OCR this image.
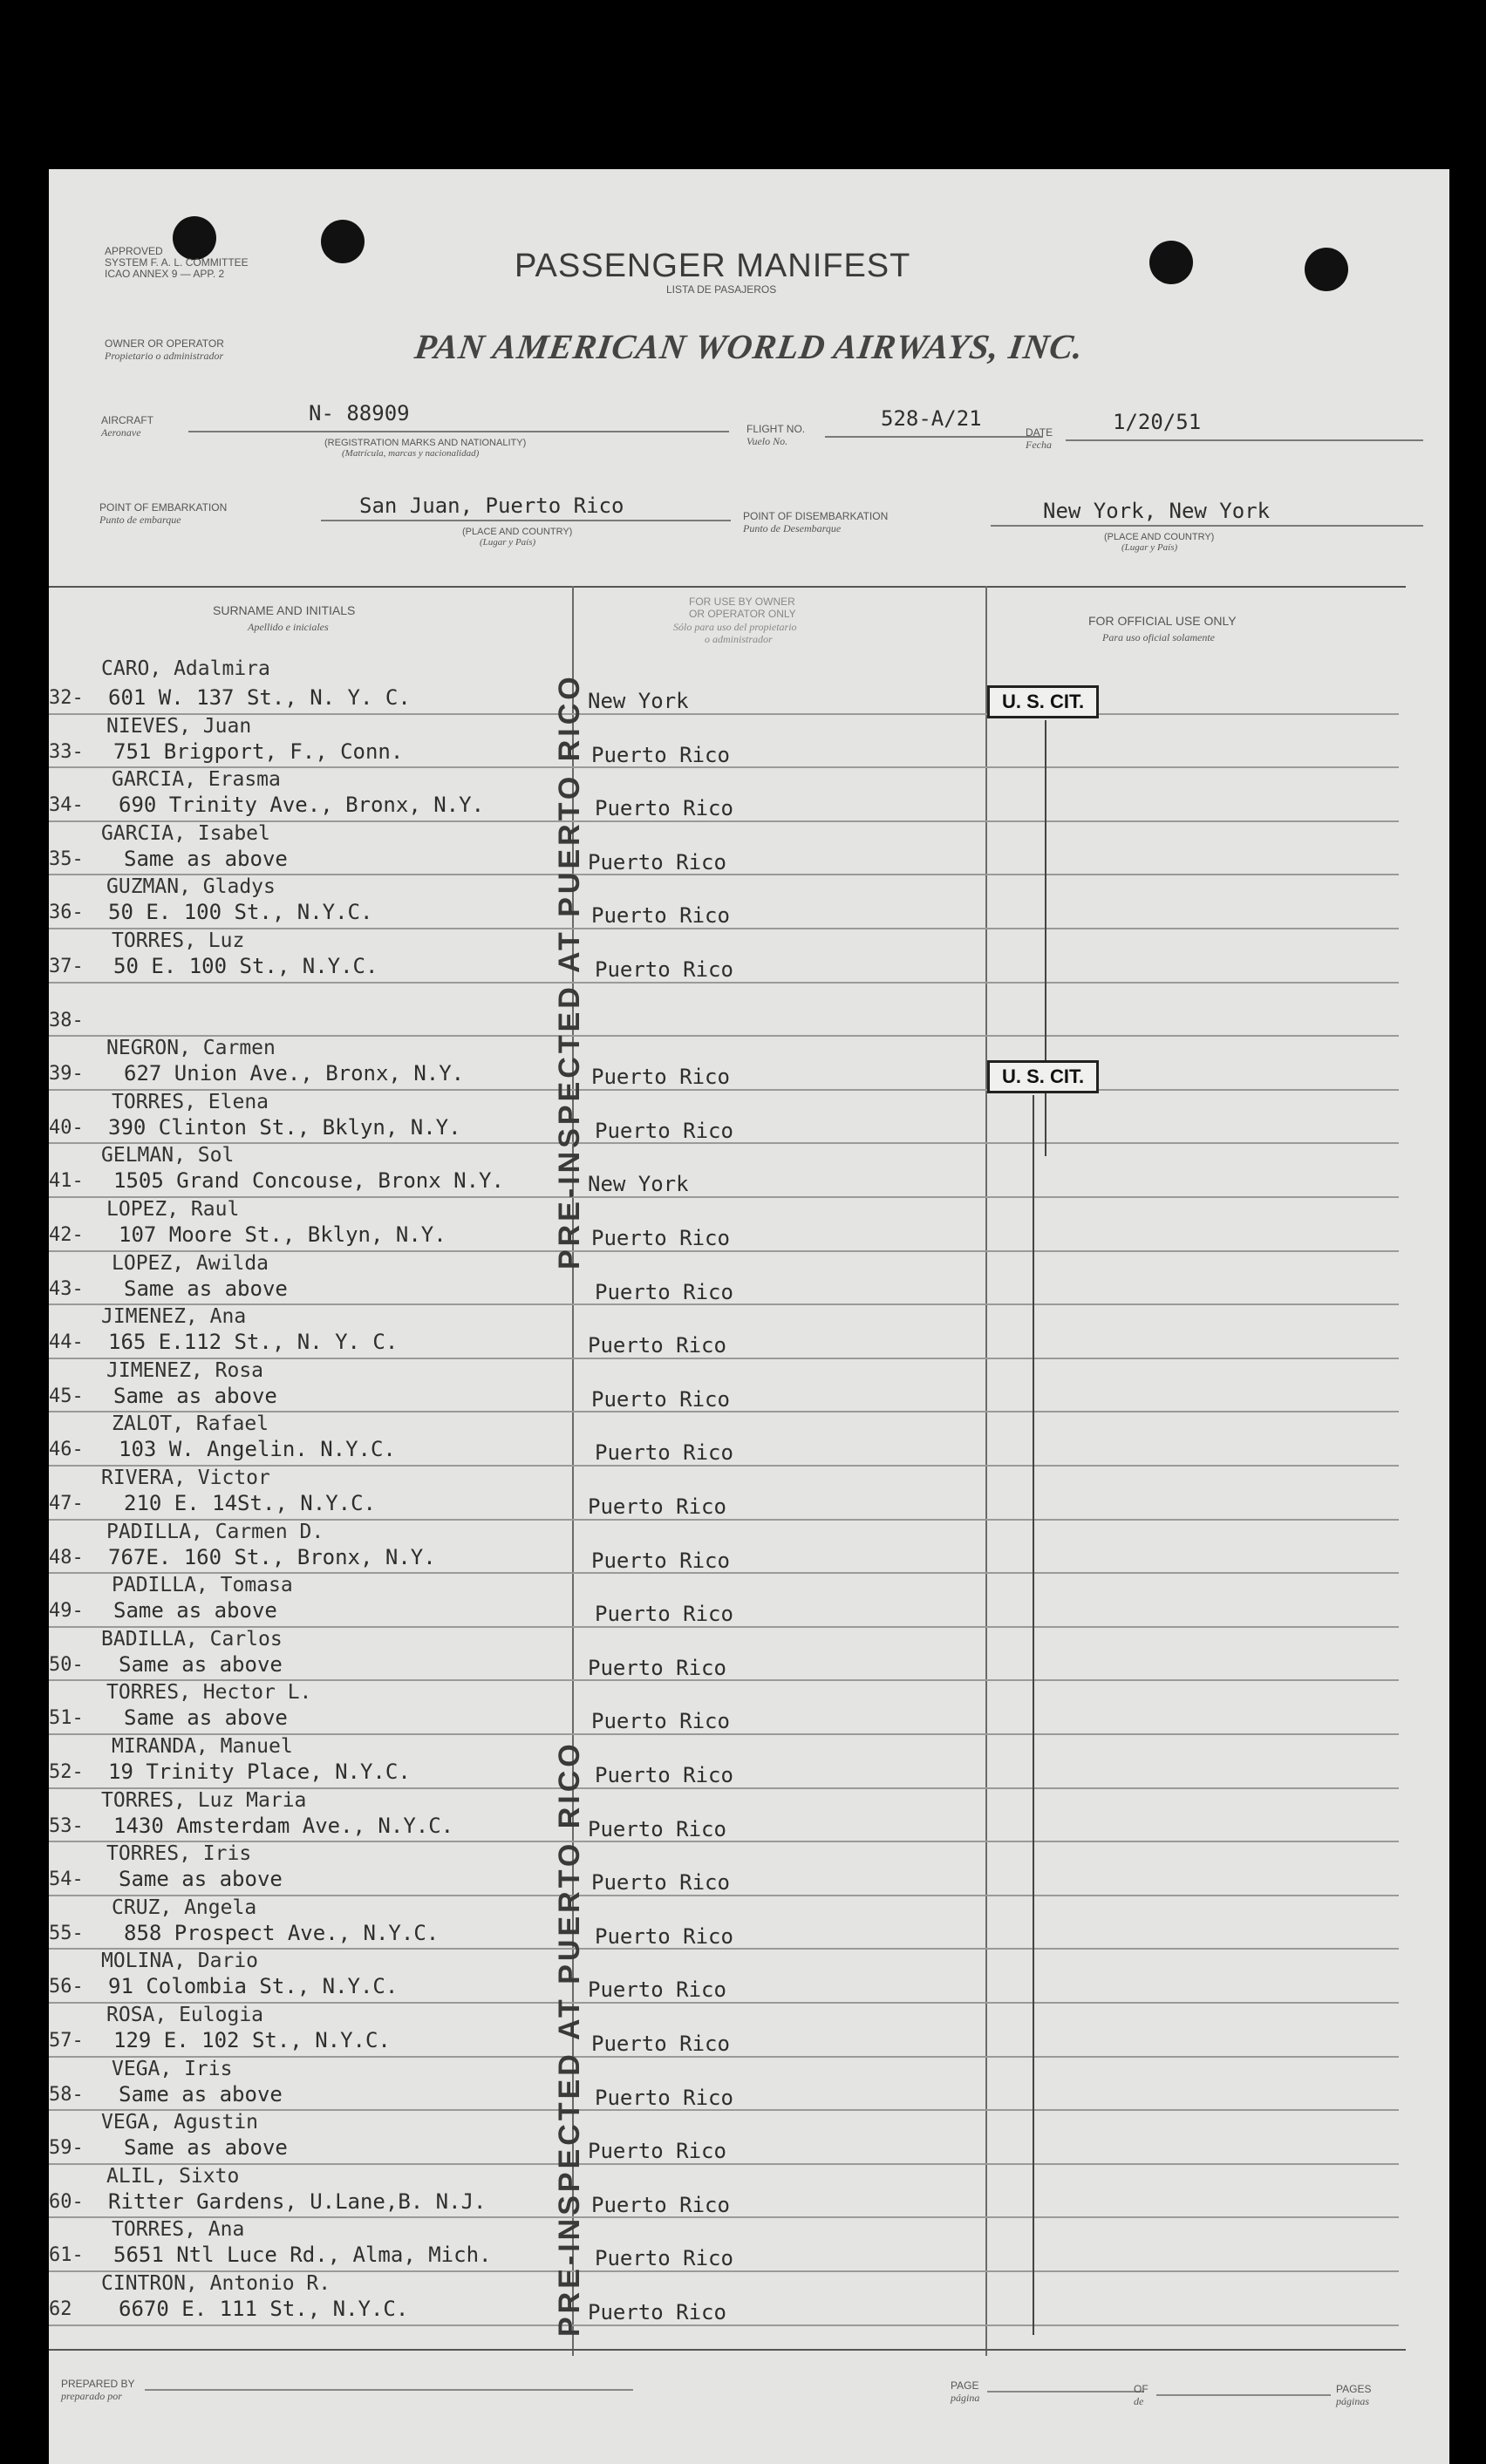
APPROVED
SYSTEM F. A. L. COMMITTEE
ICAO ANNEX 9 — APP. 2	PASSENGER MANIFEST
LISTA DE PASAJEROS
OWNER OR OPERATOR
Propietario o administrador	PAN AMERICAN WORLD AIRWAYS, INC.
AIRCRAFT
Aeronave
N- 88909
(REGISTRATION MARKS AND NATIONALITY)
(Matrícula, marcas y nacionalidad)
FLIGHT NO.
Vuelo No.
528-A/21
DATE
Fecha
1/20/51
POINT OF EMBARKATION
Punto de embarque
San Juan, Puerto Rico
(PLACE AND COUNTRY)
(Lugar y País)
POINT OF DISEMBARKATION
Punto de Desembarque
New York, New York
(PLACE AND COUNTRY)
(Lugar y País)
SURNAME AND INITIALS
Apellido e iniciales
FOR USE BY OWNER
OR OPERATOR ONLY
Sólo para uso del propietario
o administrador
FOR OFFICIAL USE ONLY
Para uso oficial solamente
CARO, Adalmira
32- 601 W. 137 St., N. Y. C.	New York
NIEVES, Juan
33- 751 Brigport, F., Conn.	Puerto Rico
GARCIA, Erasma
34- 690 Trinity Ave., Bronx, N.Y.	Puerto Rico
GARCIA, Isabel
35- Same as above	Puerto Rico
GUZMAN, Gladys
36- 50 E. 100 St., N.Y.C.	Puerto Rico
TORRES, Luz
37- 50 E. 100 St., N.Y.C.	Puerto Rico
38-
NEGRON, Carmen
39- 627 Union Ave., Bronx, N.Y.	Puerto Rico
TORRES, Elena
40- 390 Clinton St., Bklyn, N.Y.	Puerto Rico
GELMAN, Sol
41- 1505 Grand Concouse, Bronx N.Y.	New York
LOPEZ, Raul
42- 107 Moore St., Bklyn, N.Y.	Puerto Rico
LOPEZ, Awilda
43- Same as above	Puerto Rico
JIMENEZ, Ana
44- 165 E.112 St., N. Y. C.	Puerto Rico
JIMENEZ, Rosa
45- Same as above	Puerto Rico
ZALOT, Rafael
46- 103 W. Angelin. N.Y.C.	Puerto Rico
RIVERA, Victor
47- 210 E. 14St., N.Y.C.	Puerto Rico
PADILLA, Carmen D.
48- 767E. 160 St., Bronx, N.Y.	Puerto Rico
PADILLA, Tomasa
49- Same as above	Puerto Rico
BADILLA, Carlos
50- Same as above	Puerto Rico
TORRES, Hector L.
51- Same as above	Puerto Rico
MIRANDA, Manuel
52- 19 Trinity Place, N.Y.C.	Puerto Rico
TORRES, Luz Maria
53- 1430 Amsterdam Ave., N.Y.C.	Puerto Rico
TORRES, Iris
54- Same as above	Puerto Rico
CRUZ, Angela
55- 858 Prospect Ave., N.Y.C.	Puerto Rico
MOLINA, Dario
56- 91 Colombia St., N.Y.C.	Puerto Rico
ROSA, Eulogia
57- 129 E. 102 St., N.Y.C.	Puerto Rico
VEGA, Iris
58- Same as above	Puerto Rico
VEGA, Agustin
59- Same as above	Puerto Rico
ALIL, Sixto
60- Ritter Gardens, U.Lane,B. N.J.	Puerto Rico
TORRES, Ana
61- 5651 Ntl Luce Rd., Alma, Mich.	Puerto Rico
CINTRON, Antonio R.
62 6670 E. 111 St., N.Y.C.	Puerto Rico
U. S. CIT.
U. S. CIT.
PRE-INSPECTED AT PUERTO RICO
PRE-INSPECTED AT PUERTO RICO
PREPARED BY
preparado por
PAGE
página
OF
de
PAGES
páginas
